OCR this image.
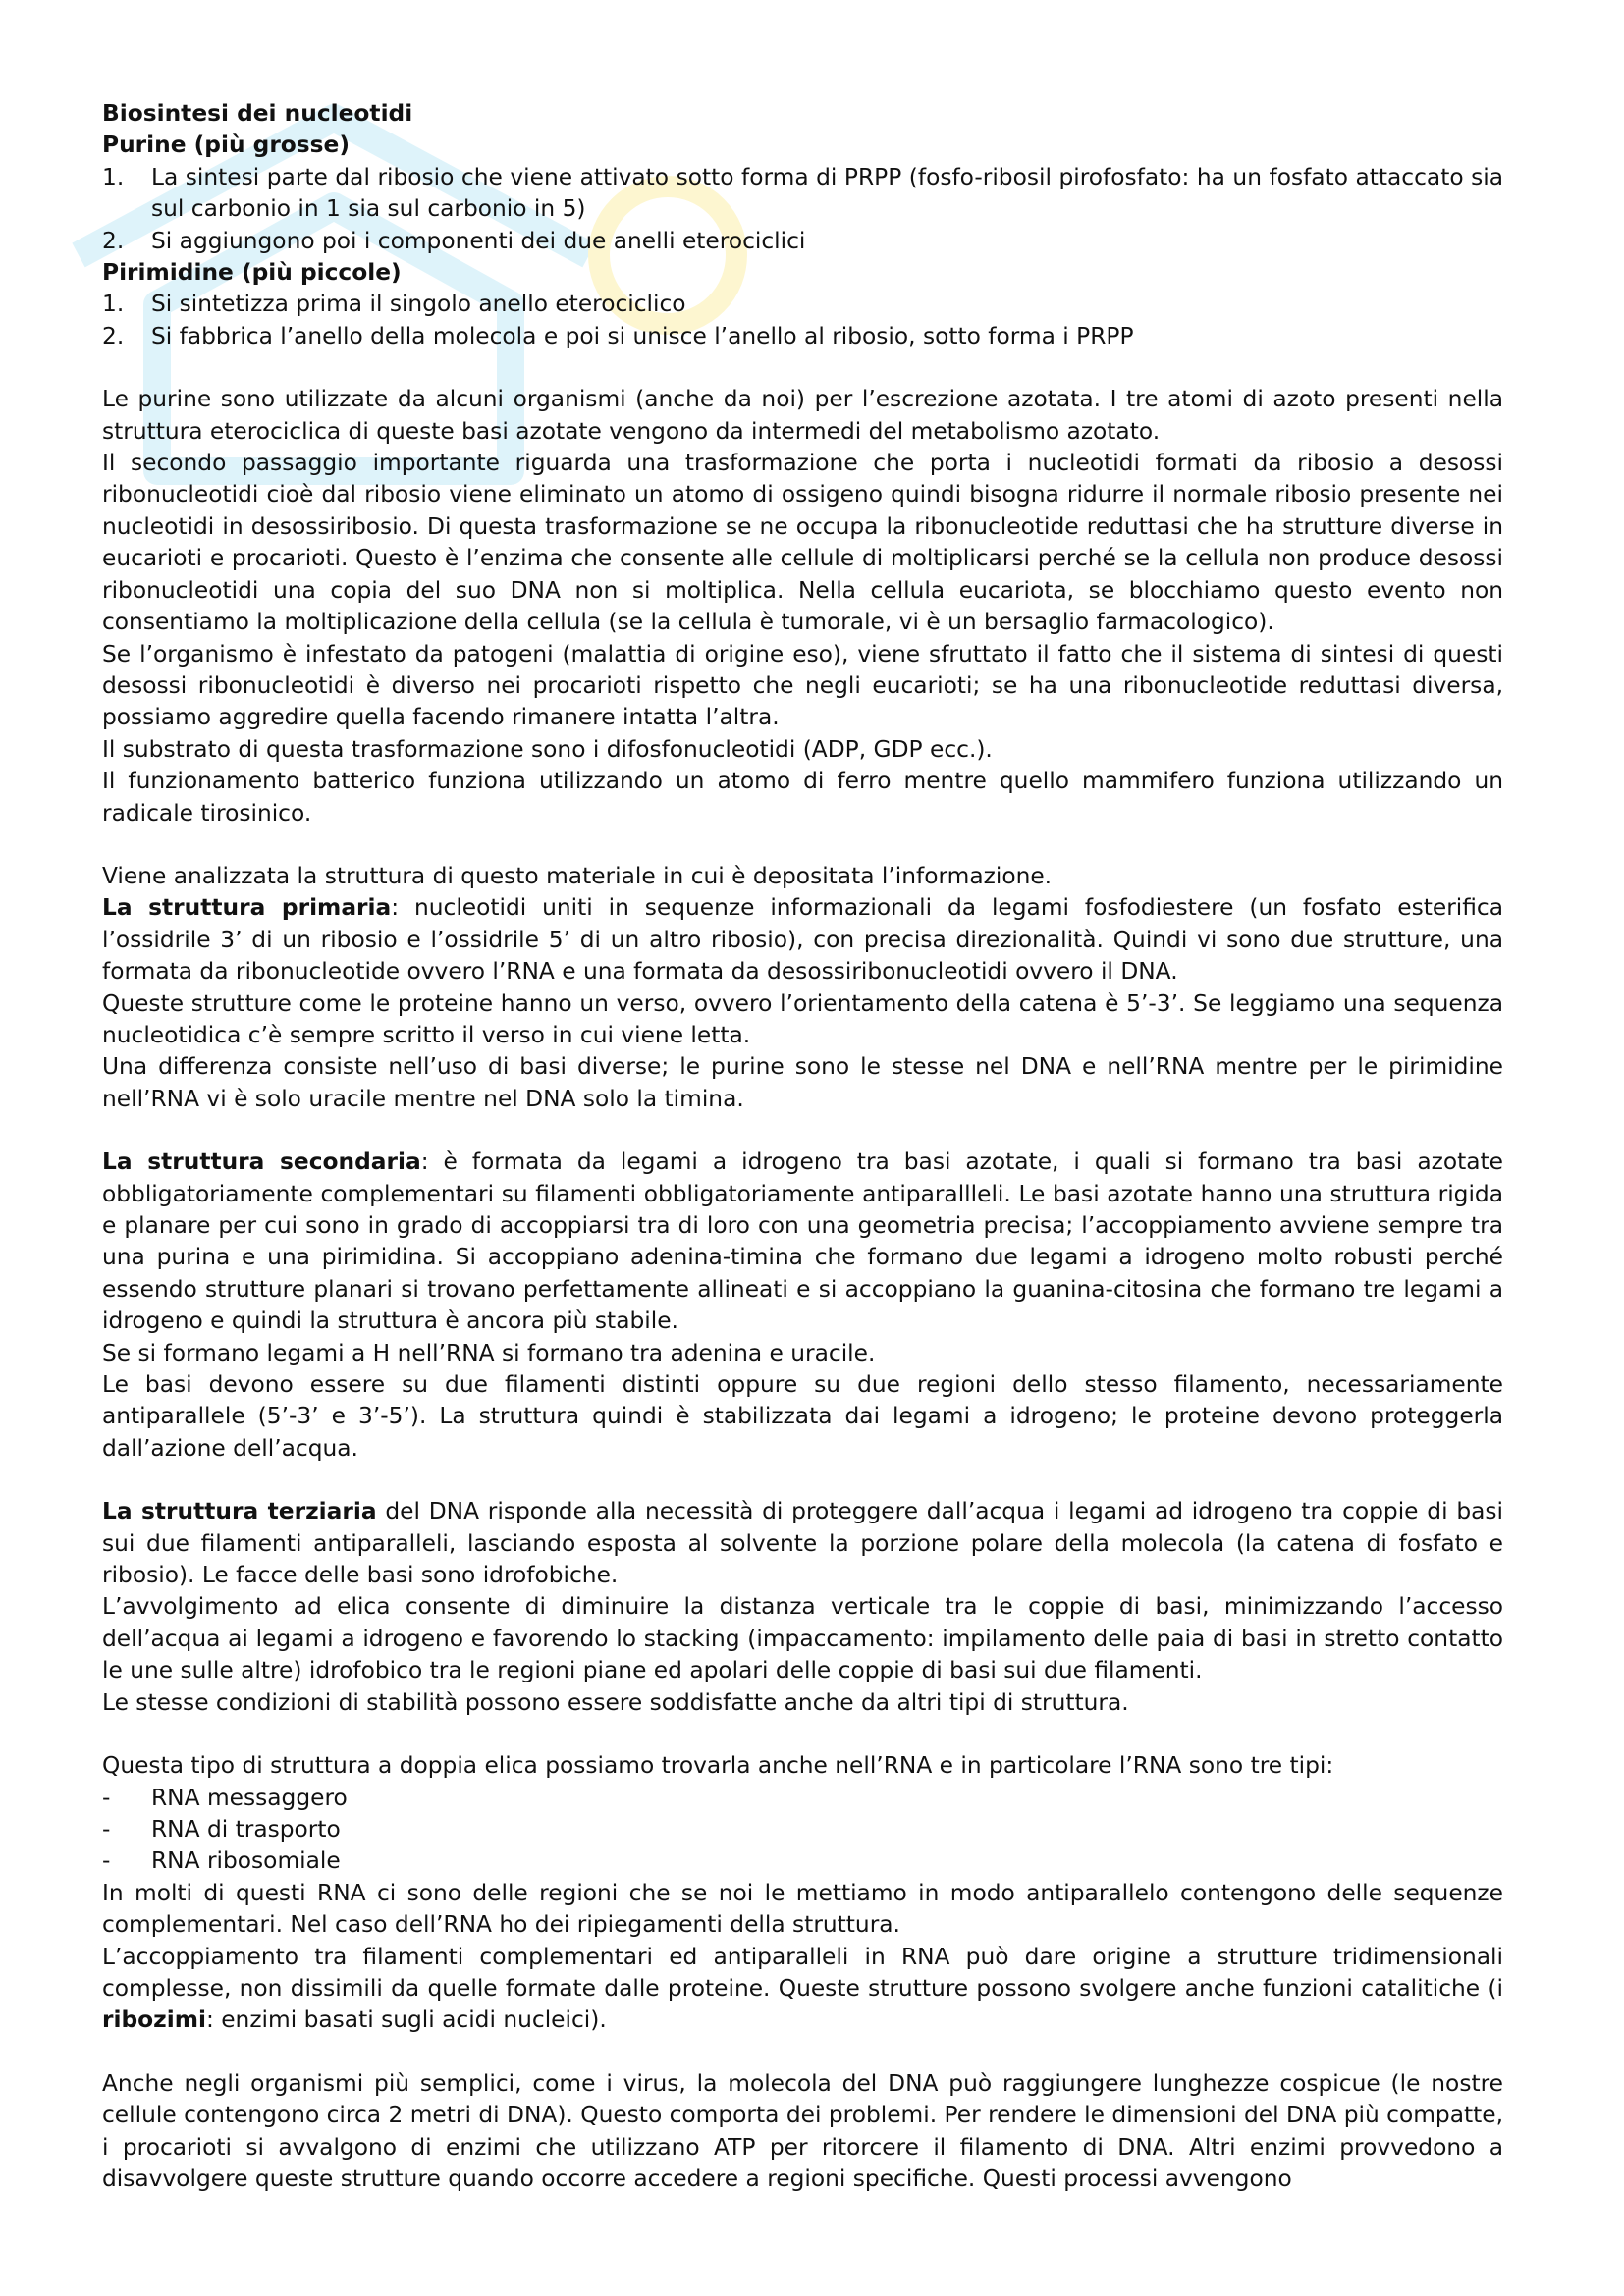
Biosintesi dei nucleotidi

Purine (più grosse)

1. La sintesi parte dal ribosio che viene attivato sotto forma di PRPP (fosfo-ribosil pirofosfato: ha un fosfato attaccato sia sul carbonio in 1 sia sul carbonio in 5)
2. Si aggiungono poi i componenti dei due anelli eterociclici

Pirimidine (più piccole)

1. Si sintetizza prima il singolo anello eterociclico
2. Si fabbrica l’anello della molecola e poi si unisce l’anello al ribosio, sotto forma i PRPP

Le purine sono utilizzate da alcuni organismi (anche da noi) per l’escrezione azotata. I tre atomi di azoto presenti nella struttura eterociclica di queste basi azotate vengono da intermedi del metabolismo azotato.

Il secondo passaggio importante riguarda una trasformazione che porta i nucleotidi formati da ribosio a desossi ribonucleotidi cioè dal ribosio viene eliminato un atomo di ossigeno quindi bisogna ridurre il normale ribosio presente nei nucleotidi in desossiribosio. Di questa trasformazione se ne occupa la ribonucleotide reduttasi che ha strutture diverse in eucarioti e procarioti. Questo è l’enzima che consente alle cellule di moltiplicarsi perché se la cellula non produce desossi ribonucleotidi una copia del suo DNA non si moltiplica. Nella cellula eucariota, se blocchiamo questo evento non consentiamo la moltiplicazione della cellula (se la cellula è tumorale, vi è un bersaglio farmacologico).

Se l’organismo è infestato da patogeni (malattia di origine eso), viene sfruttato il fatto che il sistema di sintesi di questi desossi ribonucleotidi è diverso nei procarioti rispetto che negli eucarioti; se ha una ribonucleotide reduttasi diversa, possiamo aggredire quella facendo rimanere intatta l’altra.

Il substrato di questa trasformazione sono i difosfonucleotidi (ADP, GDP ecc.).

Il funzionamento batterico funziona utilizzando un atomo di ferro mentre quello mammifero funziona utilizzando un radicale tirosinico.

Viene analizzata la struttura di questo materiale in cui è depositata l’informazione.

La struttura primaria: nucleotidi uniti in sequenze informazionali da legami fosfodiestere (un fosfato esterifica l’ossidrile 3’ di un ribosio e l’ossidrile 5’ di un altro ribosio), con precisa direzionalità. Quindi vi sono due strutture, una formata da ribonucleotide ovvero l’RNA e una formata da desossiribonucleotidi ovvero il DNA.

Queste strutture come le proteine hanno un verso, ovvero l’orientamento della catena è 5’-3’. Se leggiamo una sequenza nucleotidica c’è sempre scritto il verso in cui viene letta.

Una differenza consiste nell’uso di basi diverse; le purine sono le stesse nel DNA e nell’RNA mentre per le pirimidine nell’RNA vi è solo uracile mentre nel DNA solo la timina.

La struttura secondaria: è formata da legami a idrogeno tra basi azotate, i quali si formano tra basi azotate obbligatoriamente complementari su filamenti obbligatoriamente antiparallleli. Le basi azotate hanno una struttura rigida e planare per cui sono in grado di accoppiarsi tra di loro con una geometria precisa; l’accoppiamento avviene sempre tra una purina e una pirimidina. Si accoppiano adenina-timina che formano due legami a idrogeno molto robusti perché essendo strutture planari si trovano perfettamente allineati e si accoppiano la guanina-citosina che formano tre legami a idrogeno e quindi la struttura è ancora più stabile.

Se si formano legami a H nell’RNA si formano tra adenina e uracile.

Le basi devono essere su due filamenti distinti oppure su due regioni dello stesso filamento, necessariamente antiparallele (5’-3’ e 3’-5’). La struttura quindi è stabilizzata dai legami a idrogeno; le proteine devono proteggerla dall’azione dell’acqua.

La struttura terziaria del DNA risponde alla necessità di proteggere dall’acqua i legami ad idrogeno tra coppie di basi sui due filamenti antiparalleli, lasciando esposta al solvente la porzione polare della molecola (la catena di fosfato e ribosio). Le facce delle basi sono idrofobiche.

L’avvolgimento ad elica consente di diminuire la distanza verticale tra le coppie di basi, minimizzando l’accesso dell’acqua ai legami a idrogeno e favorendo lo stacking (impaccamento: impilamento delle paia di basi in stretto contatto le une sulle altre) idrofobico tra le regioni piane ed apolari delle coppie di basi sui due filamenti.

Le stesse condizioni di stabilità possono essere soddisfatte anche da altri tipi di struttura.

Questa tipo di struttura a doppia elica possiamo trovarla anche nell’RNA e in particolare l’RNA sono tre tipi:

- RNA messaggero
- RNA di trasporto
- RNA ribosomiale

In molti di questi RNA ci sono delle regioni che se noi le mettiamo in modo antiparallelo contengono delle sequenze complementari. Nel caso dell’RNA ho dei ripiegamenti della struttura.

L’accoppiamento tra filamenti complementari ed antiparalleli in RNA può dare origine a strutture tridimensionali complesse, non dissimili da quelle formate dalle proteine. Queste strutture possono svolgere anche funzioni catalitiche (i ribozimi: enzimi basati sugli acidi nucleici).

Anche negli organismi più semplici, come i virus, la molecola del DNA può raggiungere lunghezze cospicue (le nostre cellule contengono circa 2 metri di DNA). Questo comporta dei problemi. Per rendere le dimensioni del DNA più compatte, i procarioti si avvalgono di enzimi che utilizzano ATP per ritorcere il filamento di DNA. Altri enzimi provvedono a disavvolgere queste strutture quando occorre accedere a regioni specifiche. Questi processi avvengono
